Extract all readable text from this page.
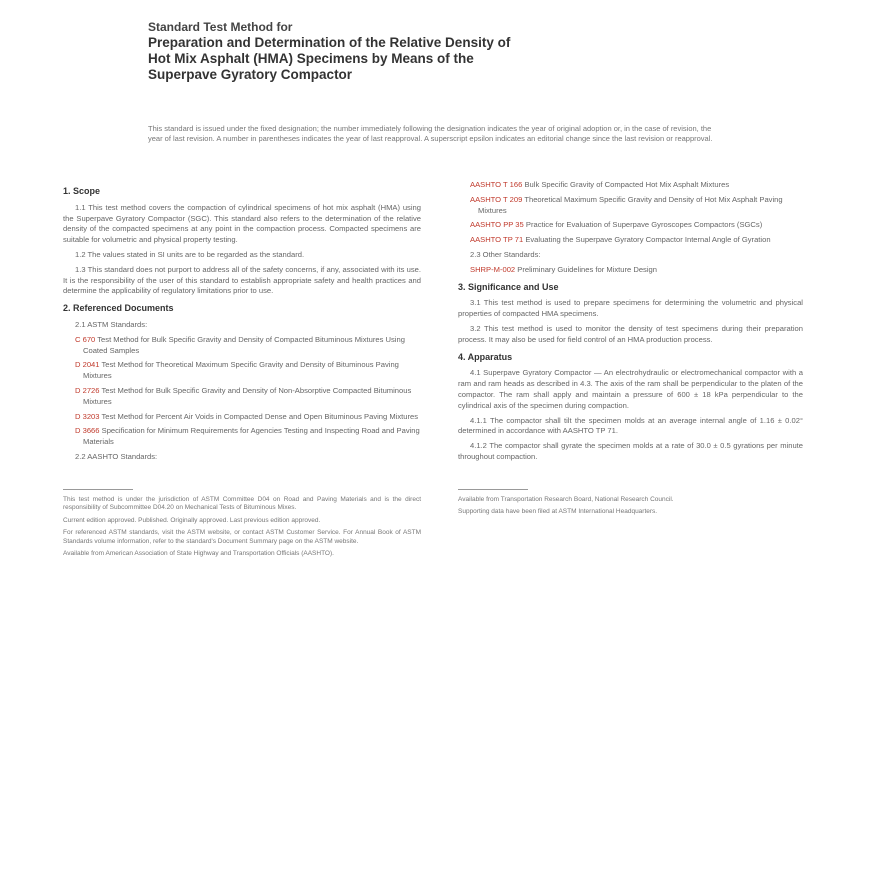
Standard Test Method for
Preparation and Determination of the Relative Density of
Hot Mix Asphalt (HMA) Specimens by Means of the
Superpave Gyratory Compactor
This standard is issued under the fixed designation; the number immediately following the designation indicates the year of original adoption or, in the case of revision, the year of last revision. A number in parentheses indicates the year of last reapproval. A superscript epsilon indicates an editorial change since the last revision or reapproval.
1. Scope

1.1 This test method covers the compaction of cylindrical specimens of hot mix asphalt (HMA) using the Superpave Gyratory Compactor (SGC). This standard also refers to the determination of the relative density of the compacted specimens at any point in the compaction process. Compacted specimens are suitable for volumetric and physical property testing.

1.2 The values stated in SI units are to be regarded as the standard.

1.3 This standard does not purport to address all of the safety concerns, if any, associated with its use. It is the responsibility of the user of this standard to establish appropriate safety and health practices and determine the applicability of regulatory limitations prior to use.

2. Referenced Documents
2.1 ASTM Standards:
C 670 Test Method for Bulk Specific Gravity and Density of Compacted Bituminous Mixtures Using Coated Samples
D 2041 Test Method for Theoretical Maximum Specific Gravity and Density of Bituminous Paving Mixtures
D 2726 Test Method for Bulk Specific Gravity and Density of Non-Absorptive Compacted Bituminous Mixtures
D 3203 Test Method for Percent Air Voids in Compacted Dense and Open Bituminous Paving Mixtures
D 3666 Specification for Minimum Requirements for Agencies Testing and Inspecting Road and Paving Materials
2.2 AASHTO Standards:
This test method is under the jurisdiction of ASTM Committee D04 on Road and Paving Materials and is the direct responsibility of Subcommittee D04.20 on Mechanical Tests of Bituminous Mixes.
Current edition approved. Published. Originally approved. Last previous edition approved.
For referenced ASTM standards, visit the ASTM website, or contact ASTM Customer Service. For Annual Book of ASTM Standards volume information, refer to the standard's Document Summary page on the ASTM website.
Available from American Association of State Highway and Transportation Officials (AASHTO).
AASHTO T 166 Bulk Specific Gravity of Compacted Hot Mix Asphalt Mixtures
AASHTO T 209 Theoretical Maximum Specific Gravity and Density of Hot Mix Asphalt Paving Mixtures
AASHTO PP 35 Practice for Evaluation of Superpave Gyroscopes Compactors (SGCs)
AASHTO TP 71 Evaluating the Superpave Gyratory Compactor Internal Angle of Gyration
2.3 Other Standards:
SHRP-M-002 Preliminary Guidelines for Mixture Design
3. Significance and Use

3.1 This test method is used to prepare specimens for determining the volumetric and physical properties of compacted HMA specimens.

3.2 This test method is used to monitor the density of test specimens during their preparation process. It may also be used for field control of an HMA production process.

4. Apparatus

4.1 Superpave Gyratory Compactor — An electrohydraulic or electromechanical compactor with a ram and ram heads as described in 4.3. The axis of the ram shall be perpendicular to the platen of the compactor. The ram shall apply and maintain a pressure of 600 ± 18 kPa perpendicular to the cylindrical axis of the specimen during compaction.

4.1.1 The compactor shall tilt the specimen molds at an average internal angle of 1.16 ± 0.02° determined in accordance with AASHTO TP 71.

4.1.2 The compactor shall gyrate the specimen molds at a rate of 30.0 ± 0.5 gyrations per minute throughout compaction.

Available from Transportation Research Board, National Research Council.
Supporting data have been filed at ASTM International Headquarters.
